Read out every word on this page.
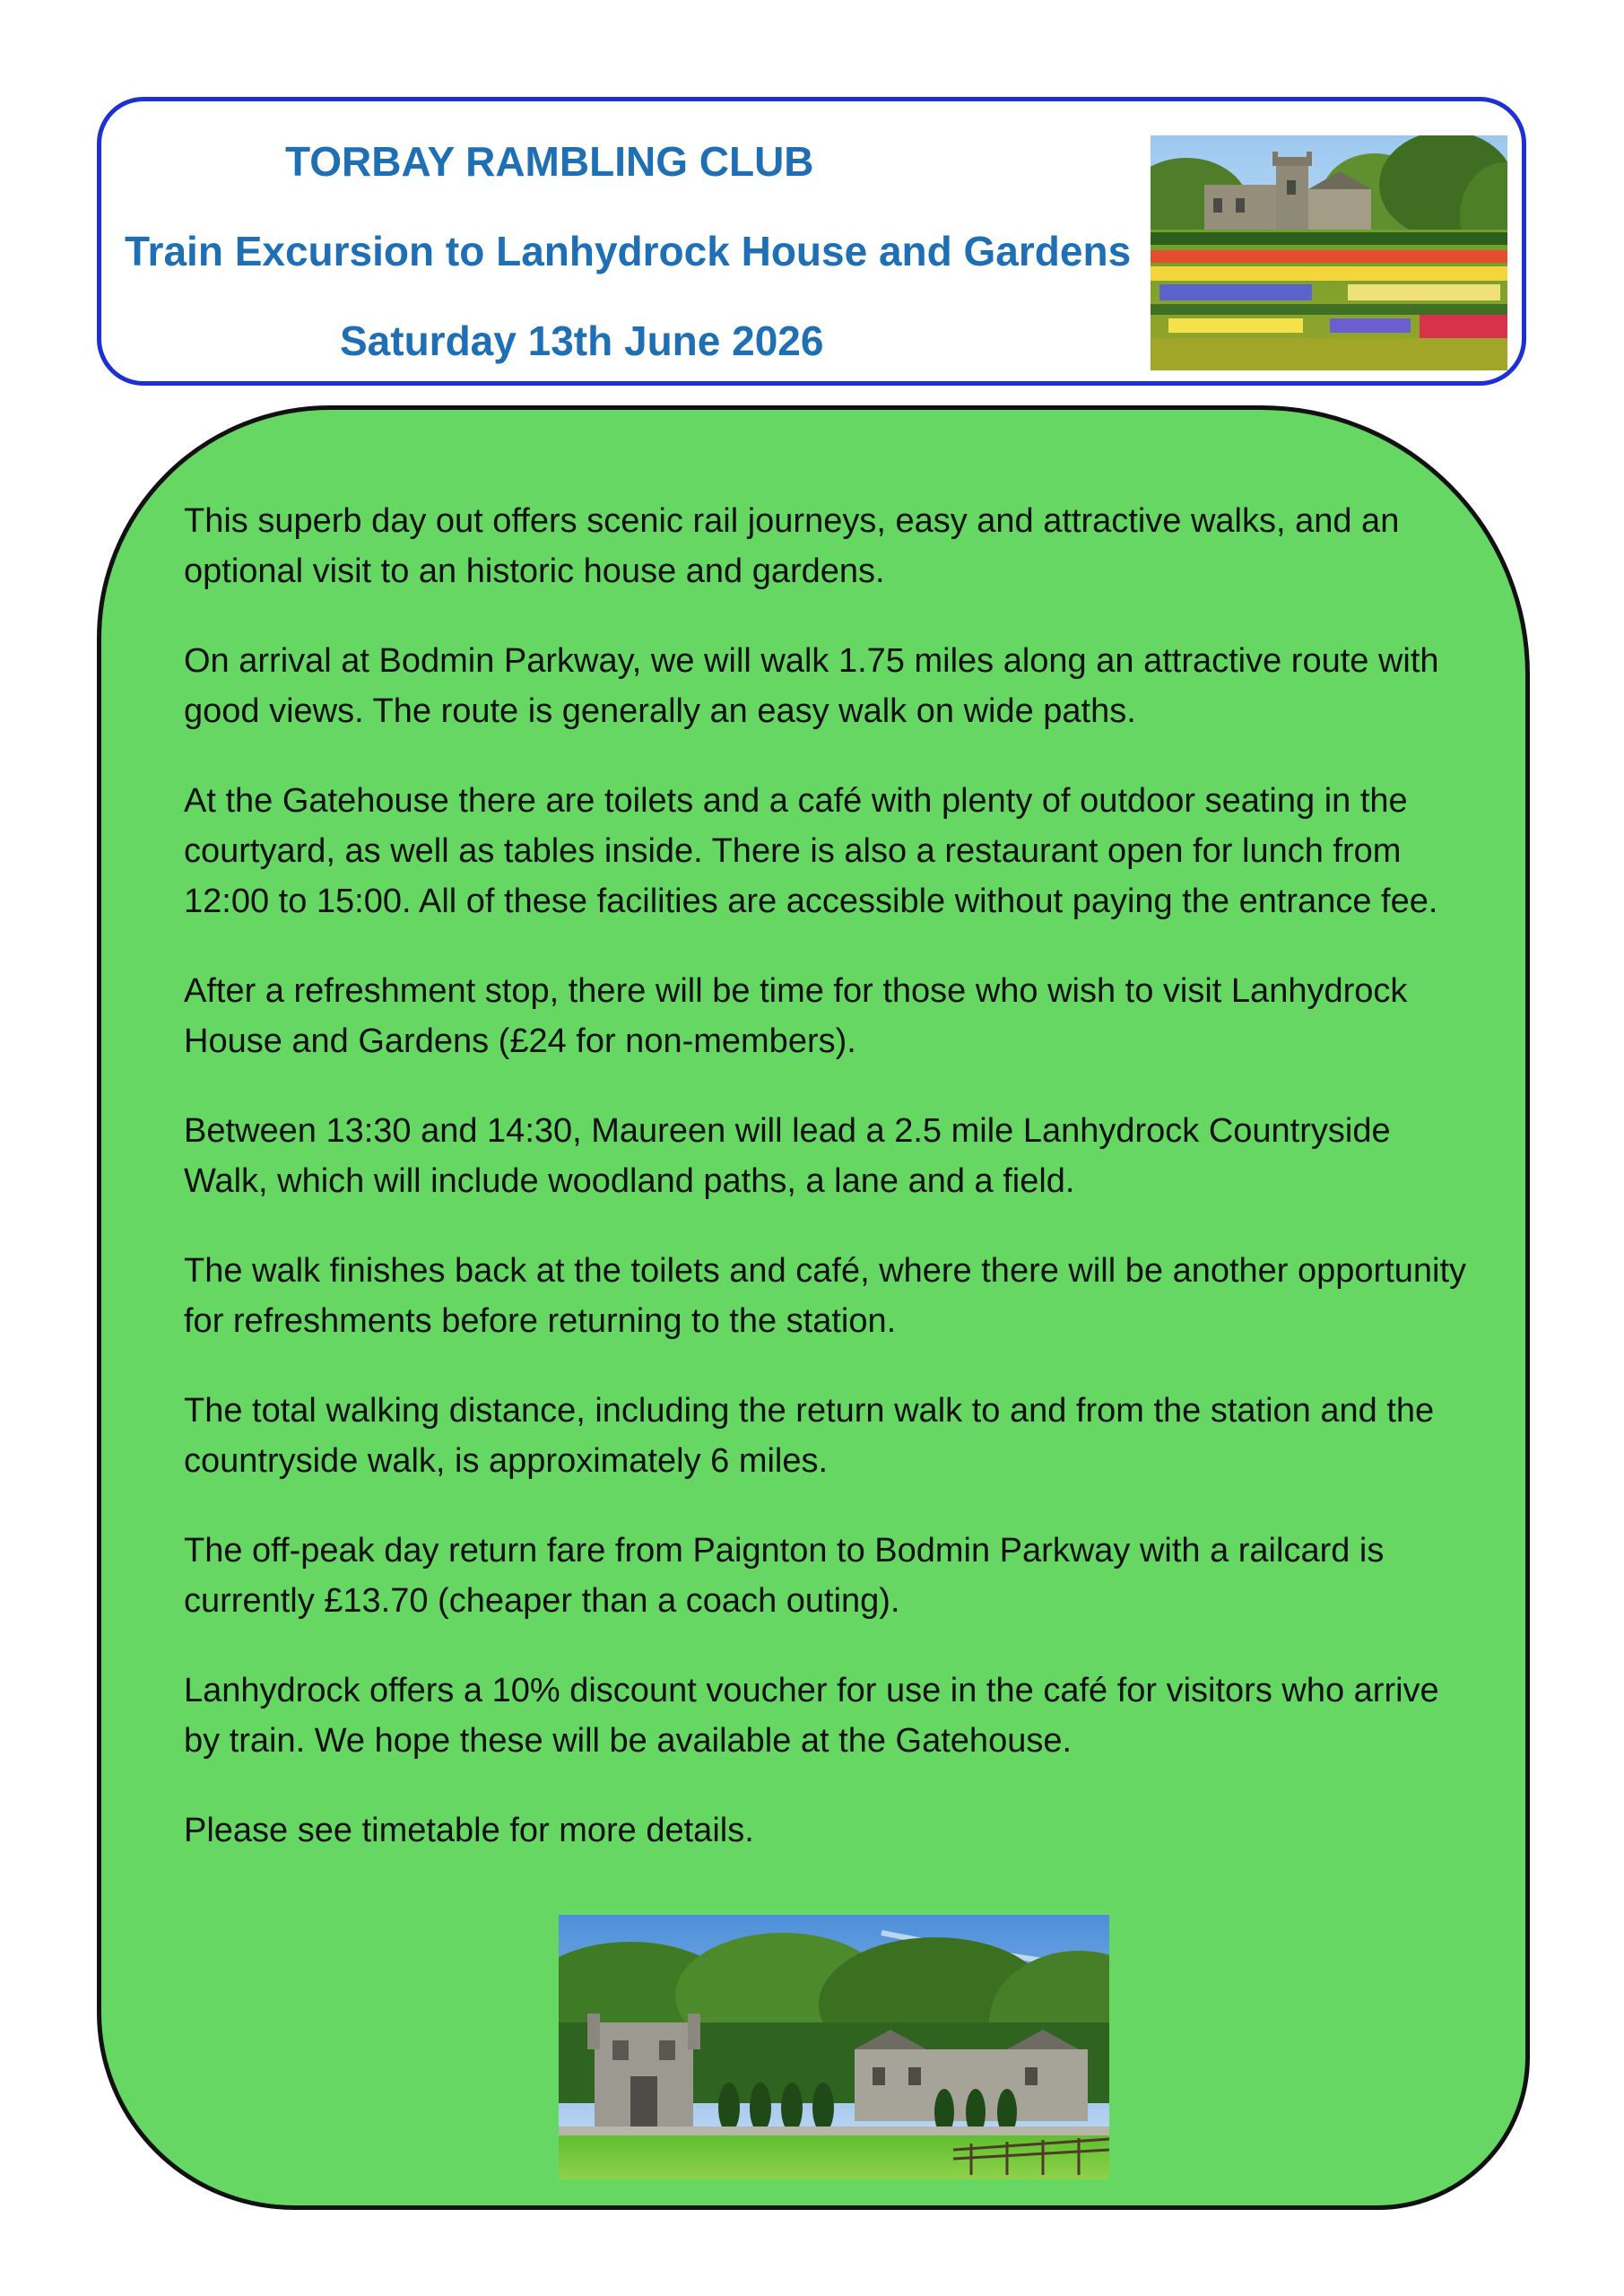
TORBAY RAMBLING CLUB
Train Excursion to Lanhydrock House and Gardens
Saturday 13th June 2026

This superb day out offers scenic rail journeys, easy and attractive walks, and an optional visit to an historic house and gardens.

On arrival at Bodmin Parkway, we will walk 1.75 miles along an attractive route with good views. The route is generally an easy walk on wide paths.

At the Gatehouse there are toilets and a café with plenty of outdoor seating in the courtyard, as well as tables inside. There is also a restaurant open for lunch from 12:00 to 15:00. All of these facilities are accessible without paying the entrance fee.

After a refreshment stop, there will be time for those who wish to visit Lanhydrock House and Gardens (£24 for non-members).

Between 13:30 and 14:30, Maureen will lead a 2.5 mile Lanhydrock Countryside Walk, which will include woodland paths, a lane and a field.

The walk finishes back at the toilets and café, where there will be another opportunity for refreshments before returning to the station.

The total walking distance, including the return walk to and from the station and the countryside walk, is approximately 6 miles.

The off-peak day return fare from Paignton to Bodmin Parkway with a railcard is currently £13.70 (cheaper than a coach outing).

Lanhydrock offers a 10% discount voucher for use in the café for visitors who arrive by train. We hope these will be available at the Gatehouse.

Please see timetable for more details.
